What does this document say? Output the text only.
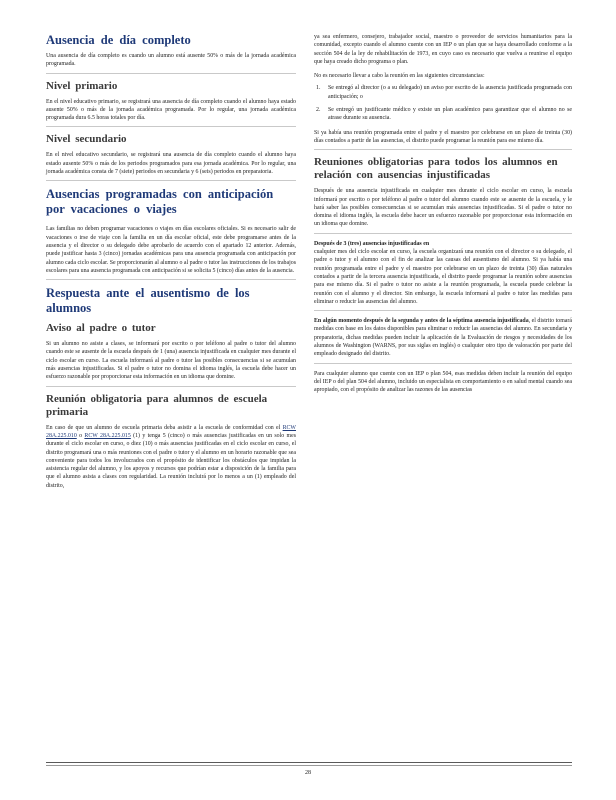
Ausencia de día completo
Una ausencia de día completo es cuando un alumno está ausente 50% o más de la jornada académica programada.
Nivel primario
En el nivel educativo primario, se registrará una ausencia de día completo cuando el alumno haya estado ausente 50% o más de la jornada académica programada. Por lo regular, una jornada académica programada dura 6.5 horas totales por día.
Nivel secundario
En el nivel educativo secundario, se registrará una ausencia de día completo cuando el alumno haya estado ausente 50% o más de los periodos programados para esa jornada académica. Por lo regular, una jornada académica consta de 7 (siete) periodos en secundaria y 6 (seis) periodos en preparatoria.
Ausencias programadas con anticipación por vacaciones o viajes
Las familias no deben programar vacaciones o viajes en días escolares oficiales. Si es necesario salir de vacaciones o irse de viaje con la familia en un día escolar oficial, este debe programarse antes de la ausencia y el director o su delegado debe aprobarlo de acuerdo con el apartado 12 anterior. Además, puede justificar hasta 3 (cinco) jornadas académicas para una ausencia programada con anticipación por alumno cada ciclo escolar. Se proporcionarán al alumno o al padre o tutor las instrucciones de los trabajos escolares para una ausencia programada con anticipación si se solicita 5 (cinco) días antes de la ausencia.
Respuesta ante el ausentismo de los alumnos
Aviso al padre o tutor
Si un alumno no asiste a clases, se informará por escrito o por teléfono al padre o tutor del alumno cuando este se ausente de la escuela después de 1 (una) ausencia injustificada en cualquier mes durante el ciclo escolar en curso. La escuela informará al padre o tutor las posibles consecuencias si se acumulan más ausencias injustificadas. Si el padre o tutor no domina el idioma inglés, la escuela debe hacer un esfuerzo razonable por proporcionar esta información en un idioma que domine.
Reunión obligatoria para alumnos de escuela primaria
En caso de que un alumno de escuela primaria deba asistir a la escuela de conformidad con el RCW 28A.225.010 o RCW 28A.225.015 (1) y tenga 5 (cinco) o más ausencias justificadas en un solo mes durante el ciclo escolar en curso, o diez (10) o más ausencias justificadas en el ciclo escolar en curso, el distrito programará una o más reuniones con el padre o tutor y el alumno en un horario razonable que sea conveniente para todos los involucrados con el propósito de identificar los obstáculos que impidan la asistencia regular del alumno, y los apoyos y recursos que podrían estar a disposición de la familia para que el alumno asista a clases con regularidad. La reunión incluirá por lo menos a un (1) empleado del distrito,
ya sea enfermero, consejero, trabajador social, maestro o proveedor de servicios humanitarios para la comunidad, excepto cuando el alumno cuente con un IEP o un plan que se haya desarrollado conforme a la sección 504 de la ley de rehabilitación de 1973, en cuyo caso es necesario que vuelva a reunirse el equipo que haya creado dicho programa o plan.
No es necesario llevar a cabo la reunión en las siguientes circunstancias:
1. Se entregó al director (o a su delegado) un aviso por escrito de la ausencia justificada programada con anticipación; o
2. Se entregó un justificante médico y existe un plan académico para garantizar que el alumno no se atrase durante su ausencia.
Si ya había una reunión programada entre el padre y el maestro por celebrarse en un plazo de treinta (30) días contados a partir de las ausencias, el distrito puede programar la reunión para ese mismo día.
Reuniones obligatorias para todos los alumnos en relación con ausencias injustificadas
Después de una ausencia injustificada en cualquier mes durante el ciclo escolar en curso, la escuela informará por escrito o por teléfono al padre o tutor del alumno cuando este se ausente de la escuela, y le hará saber las posibles consecuencias si se acumulan más ausencias injustificadas. Si el padre o tutor no domina el idioma inglés, la escuela debe hacer un esfuerzo razonable por proporcionar esta información en un idioma que domine.
Después de 3 (tres) ausencias injustificadas en
cualquier mes del ciclo escolar en curso, la escuela organizará una reunión con el director o su delegado, el padre o tutor y el alumno con el fin de analizar las causas del ausentismo del alumno. Si ya había una reunión programada entre el padre y el maestro por celebrarse en un plazo de treinta (30) días naturales contados a partir de la tercera ausencia injustificada, el distrito puede programar la reunión sobre ausencias para ese mismo día. Si el padre o tutor no asiste a la reunión programada, la escuela puede celebrar la reunión con el alumno y el director. Sin embargo, la escuela informará al padre o tutor las medidas para eliminar o reducir las ausencias del alumno.
En algún momento después de la segunda y antes de la séptima ausencia injustificada, el distrito tomará medidas con base en los datos disponibles para eliminar o reducir las ausencias del alumno. En secundaria y preparatoria, dichas medidas pueden incluir la aplicación de la Evaluación de riesgos y necesidades de los alumnos de Washington (WARNS, por sus siglas en inglés) o cualquier otro tipo de valoración por parte del empleado designado del distrito.
Para cualquier alumno que cuente con un IEP o plan 504, esas medidas deben incluir la reunión del equipo del IEP o del plan 504 del alumno, incluido un especialista en comportamiento o en salud mental cuando sea apropiado, con el propósito de analizar las razones de las ausencias
28
